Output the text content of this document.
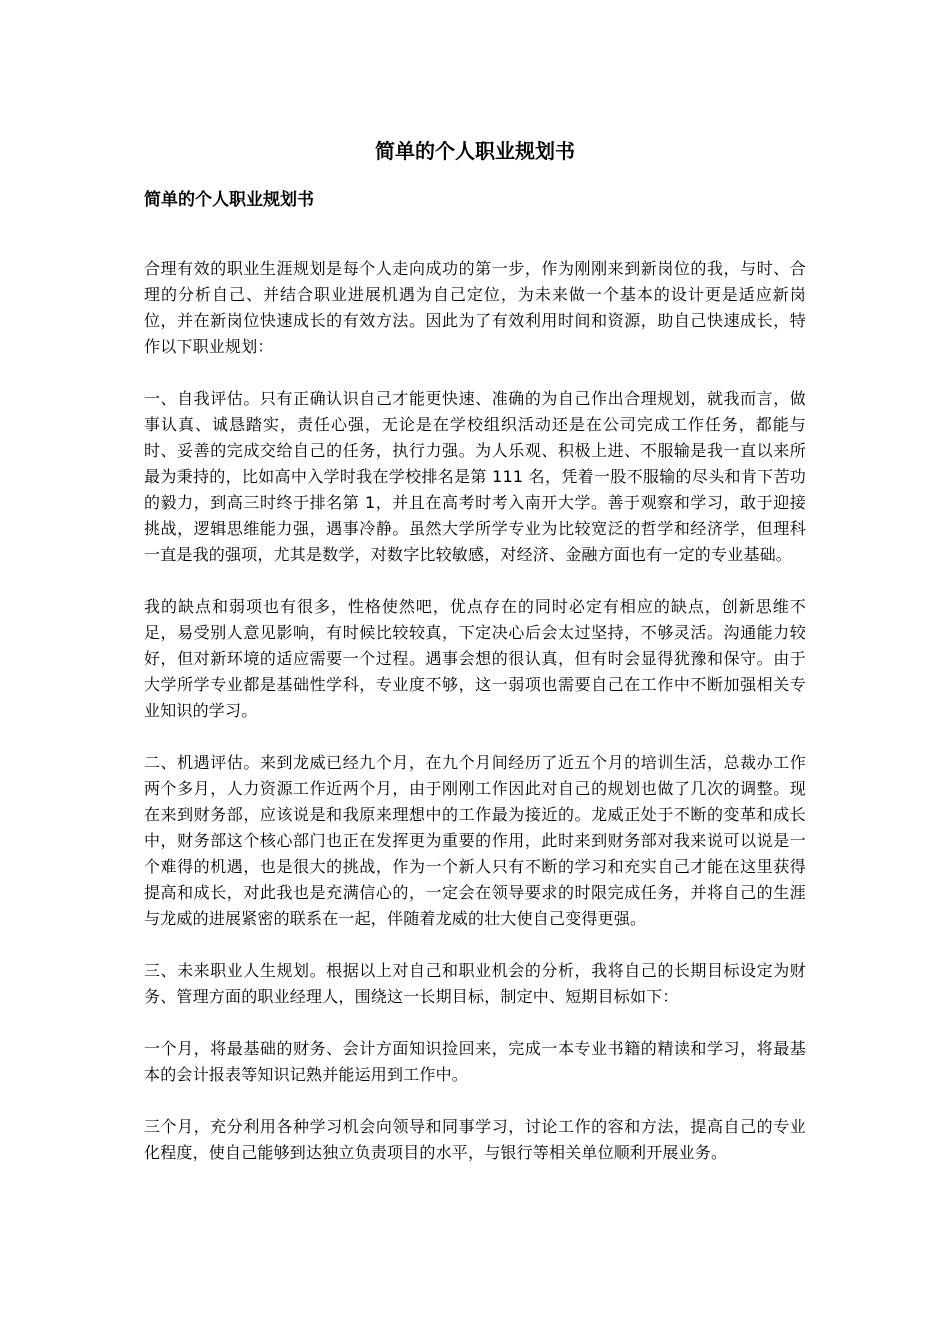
简单的个人职业规划书
简单的个人职业规划书

合理有效的职业生涯规划是每个人走向成功的第一步，作为刚刚来到新岗位的我，与时、合理的分析自己、并结合职业进展机遇为自己定位，为未来做一个基本的设计更是适应新岗位，并在新岗位快速成长的有效方法。因此为了有效利用时间和资源，助自己快速成长，特作以下职业规划：

一、自我评估。只有正确认识自己才能更快速、准确的为自己作出合理规划，就我而言，做事认真、诚恳踏实，责任心强，无论是在学校组织活动还是在公司完成工作任务，都能与时、妥善的完成交给自己的任务，执行力强。为人乐观、积极上进、不服输是我一直以来所最为秉持的，比如高中入学时我在学校排名是第 111 名，凭着一股不服输的尽头和肯下苦功的毅力，到高三时终于排名第 1，并且在高考时考入南开大学。善于观察和学习，敢于迎接挑战，逻辑思维能力强，遇事冷静。虽然大学所学专业为比较宽泛的哲学和经济学，但理科一直是我的强项，尤其是数学，对数字比较敏感，对经济、金融方面也有一定的专业基础。

我的缺点和弱项也有很多，性格使然吧，优点存在的同时必定有相应的缺点，创新思维不足，易受别人意见影响，有时候比较较真，下定决心后会太过坚持，不够灵活。沟通能力较好，但对新环境的适应需要一个过程。遇事会想的很认真，但有时会显得犹豫和保守。由于大学所学专业都是基础性学科，专业度不够，这一弱项也需要自己在工作中不断加强相关专业知识的学习。

二、机遇评估。来到龙威已经九个月，在九个月间经历了近五个月的培训生活，总裁办工作两个多月，人力资源工作近两个月，由于刚刚工作因此对自己的规划也做了几次的调整。现在来到财务部，应该说是和我原来理想中的工作最为接近的。龙威正处于不断的变革和成长中，财务部这个核心部门也正在发挥更为重要的作用，此时来到财务部对我来说可以说是一个难得的机遇，也是很大的挑战，作为一个新人只有不断的学习和充实自己才能在这里获得提高和成长，对此我也是充满信心的，一定会在领导要求的时限完成任务，并将自己的生涯与龙威的进展紧密的联系在一起，伴随着龙威的壮大使自己变得更强。

三、未来职业人生规划。根据以上对自己和职业机会的分析，我将自己的长期目标设定为财务、管理方面的职业经理人，围绕这一长期目标，制定中、短期目标如下：

一个月，将最基础的财务、会计方面知识捡回来，完成一本专业书籍的精读和学习，将最基本的会计报表等知识记熟并能运用到工作中。

三个月，充分利用各种学习机会向领导和同事学习，讨论工作的容和方法，提高自己的专业化程度，使自己能够到达独立负责项目的水平，与银行等相关单位顺利开展业务。
